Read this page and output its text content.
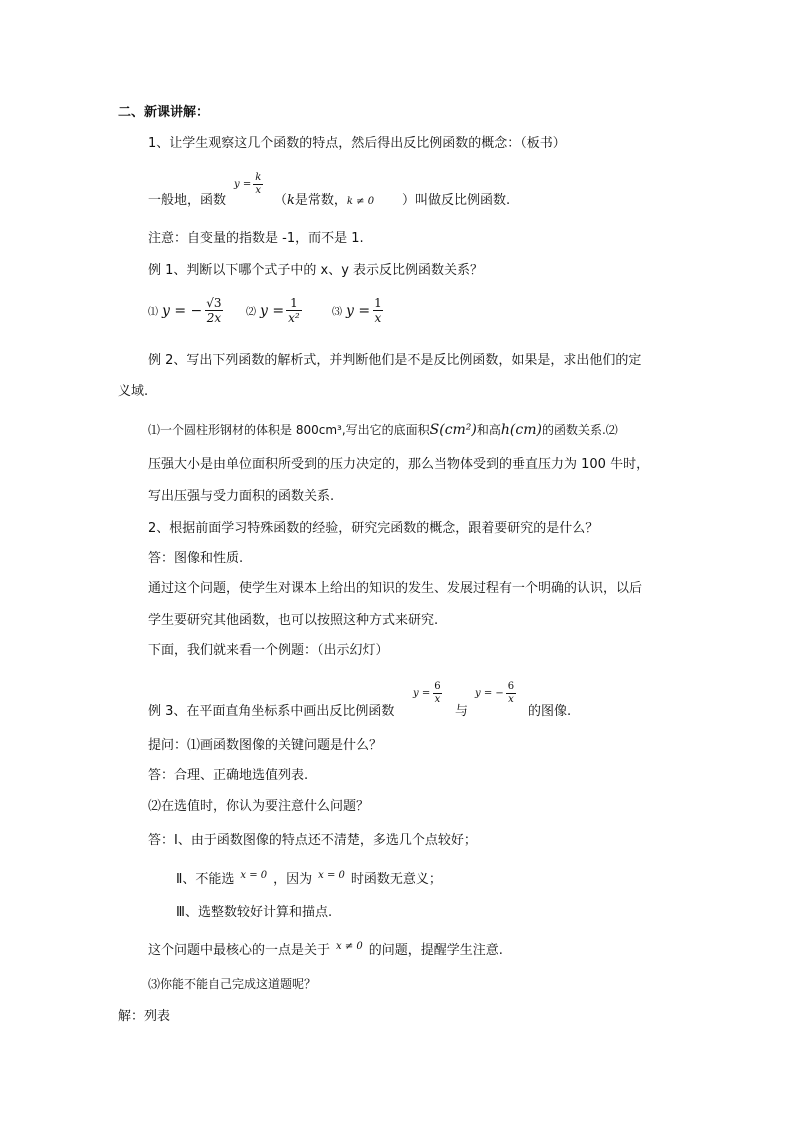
二、新课讲解：
1、让学生观察这几个函数的特点，然后得出反比例函数的概念：（板书）
一般地，函数
$y = \frac{k}{x}$
（k是常数，k ≠ 0 ）叫做反比例函数.
注意：自变量的指数是 -1，而不是 1.
例 1、判断以下哪个式子中的 x、y 表示反比例函数关系？
⑴ y = − $\frac{√3}{2x}$ ⑵ $y = \frac{1}{\text{x²}}$	⑶ $y = \frac{1}{x}$
例 2、写出下列函数的解析式，并判断他们是不是反比例函数，如果是，求出他们的定
义域.
⑴一个圆柱形钢材的体积是 800cm³,写出它的底面积S(cm²)和高h(cm)的函数关系.⑵
压强大小是由单位面积所受到的压力决定的，那么当物体受到的垂直压力为 100 牛时，
写出压强与受力面积的函数关系.
2、根据前面学习特殊函数的经验，研究完函数的概念，跟着要研究的是什么？
答：图像和性质.
通过这个问题，使学生对课本上给出的知识的发生、发展过程有一个明确的认识，以后
学生要研究其他函数，也可以按照这种方式来研究.
下面，我们就来看一个例题：（出示幻灯）
例 3、在平面直角坐标系中画出反比例函数
$y = \frac{6}{x}$
与
y = − $\frac{6}{x}$
的图像.
提问：⑴画函数图像的关键问题是什么？
答：合理、正确地选值列表.
⑵在选值时，你认为要注意什么问题？
答：Ⅰ、由于函数图像的特点还不清楚，多选几个点较好；
Ⅱ、不能选 $^{x = 0}$ ，因为 $^{x = 0}$ 时函数无意义；
Ⅲ、选整数较好计算和描点.
这个问题中最核心的一点是关于 $^{x \ne 0}$ 的问题，提醒学生注意.
⑶你能不能自己完成这道题呢？
解：列表
